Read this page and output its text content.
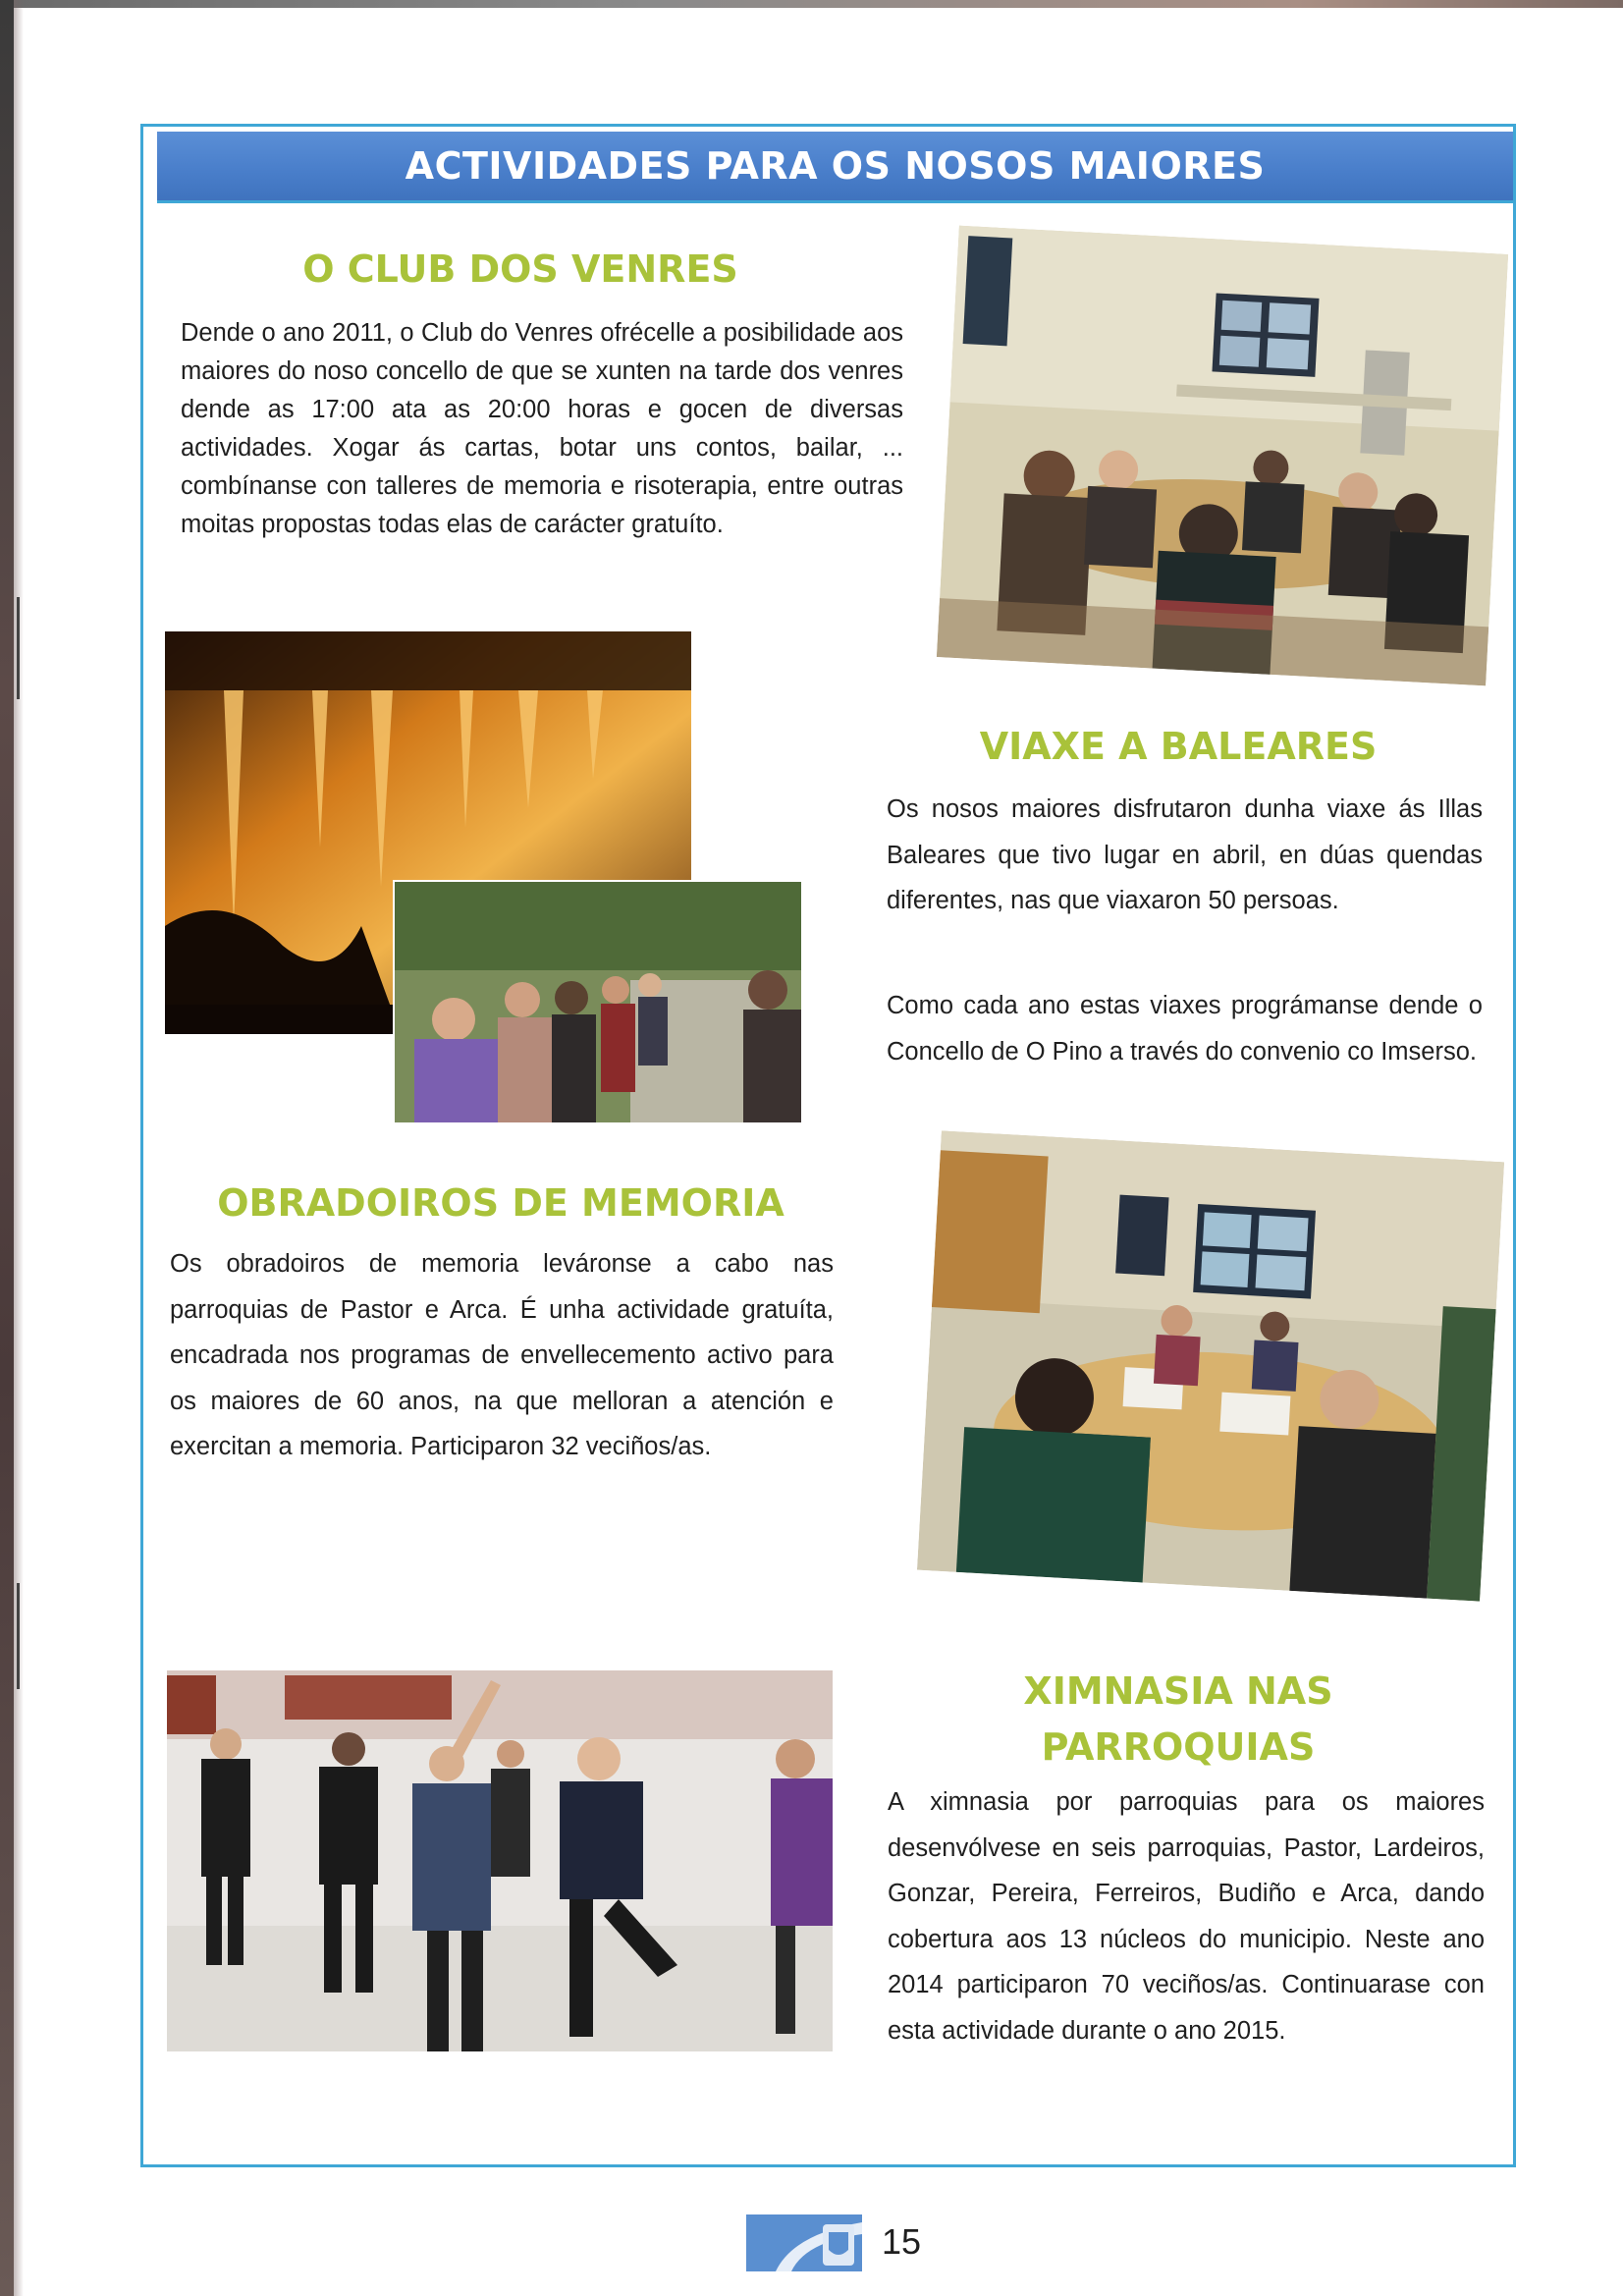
ACTIVIDADES PARA OS NOSOS MAIORES
O CLUB DOS VENRES

Dende o ano 2011, o Club do Venres ofrécelle a posibilidade aos maiores do noso concello de que se xunten na tarde dos venres dende as 17:00 ata as 20:00 horas e gocen de diversas actividades. Xogar ás cartas, botar uns contos, bailar, ... combínanse con talleres de memoria e risoterapia, entre outras moitas propostas todas elas de carácter gratuíto.

VIAXE A BALEARES

Os nosos maiores disfrutaron dunha viaxe ás Illas Baleares que tivo lugar en abril, en dúas quendas diferentes, nas que viaxaron 50 persoas.

Como cada ano estas viaxes prográmanse dende o Concello de O Pino a través do convenio co Imserso.

OBRADOIROS DE MEMORIA

Os obradoiros de memoria leváronse a cabo nas parroquias de Pastor e Arca. É unha actividade gratuíta, encadrada nos programas de envellecemento activo para os maiores de 60 anos, na que melloran a atención e exercitan a memoria. Participaron 32 veciños/as.

XIMNASIA NAS
PARROQUIAS

A ximnasia por parroquias para os maiores desenvólvese en seis parroquias, Pastor, Lardeiros, Gonzar, Pereira, Ferreiros, Budiño e Arca, dando cobertura aos 13 núcleos do municipio. Neste ano 2014 participaron 70 veciños/as. Continuarase con esta actividade durante o ano 2015.

15
